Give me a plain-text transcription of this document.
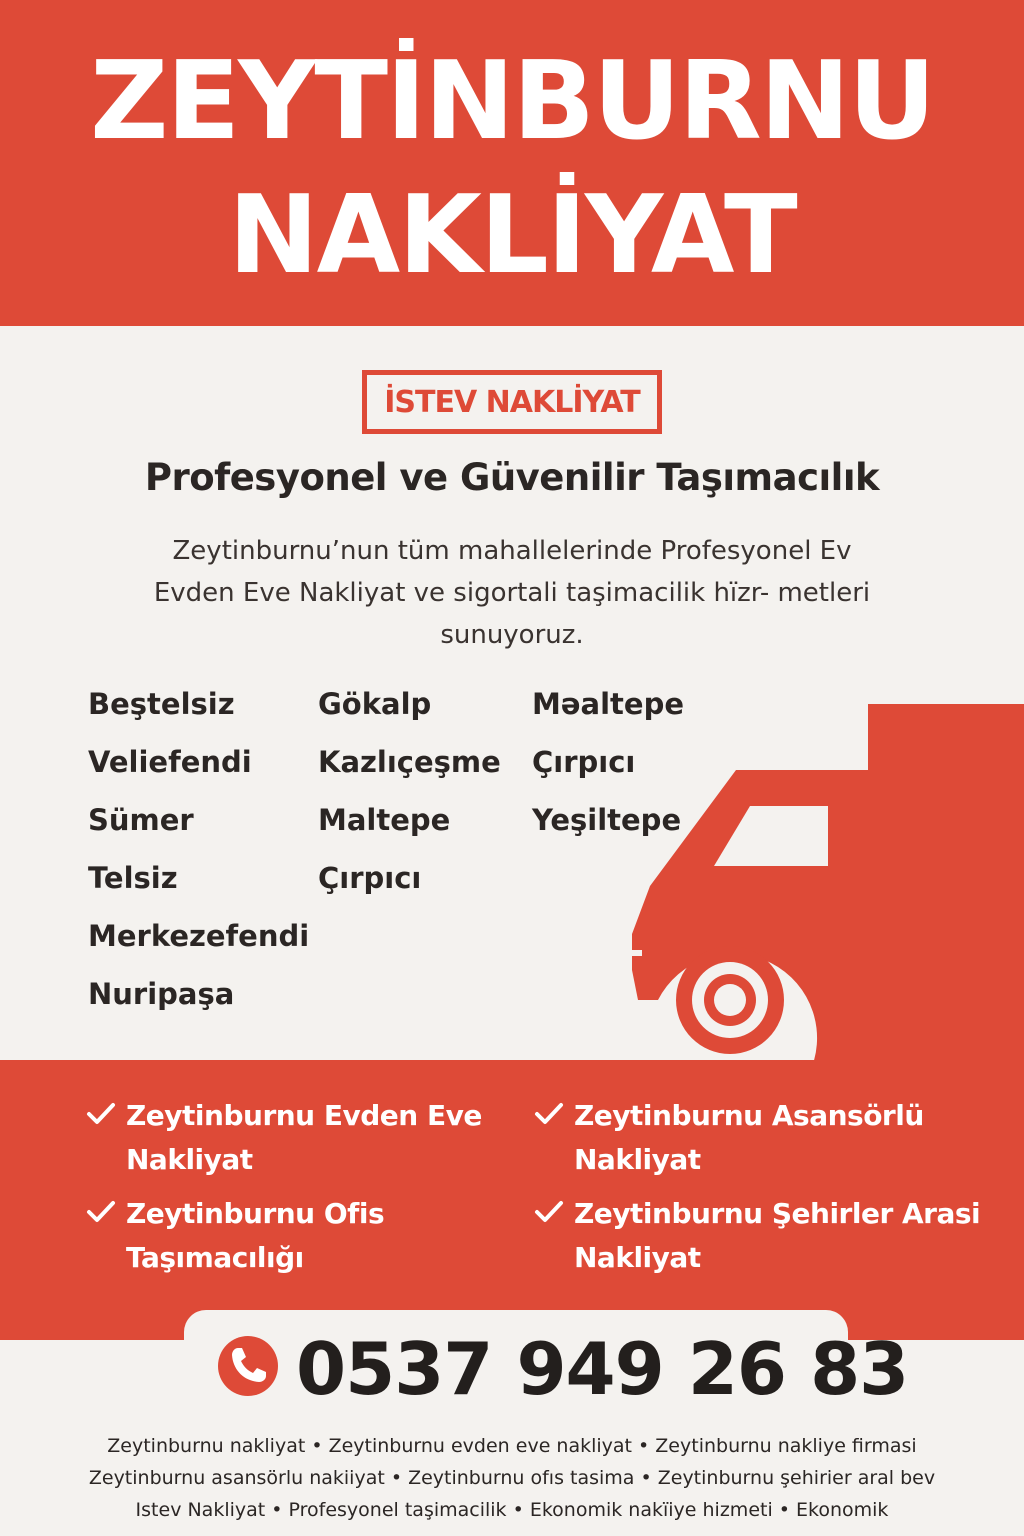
ZEYTİNBURNU
NAKLİYAT
İSTEV NAKLİYAT
Profesyonel ve Güvenilir Taşımacılık
Zeytinburnu’nun tüm mahallelerinde Profesyonel Ev Evden Eve Nakliyat ve sigortali taşimacilik hïzr- metleri sunuyoruz.
Beştelsiz
Veliefendi
Sümer
Telsiz
Merkezefendi
Nuripaşa
Gökalp
Kazlıçeşme
Maltepe
Çırpıcı
Mǝaltepe
Çırpıcı
Yeşiltepe
Zeytinburnu Evden Eve Nakliyat
Zeytinburnu Asansörlü Nakliyat
Zeytinburnu Ofis Taşımacılığı
Zeytinburnu Şehirler Arasi Nakliyat
0537 949 26 83
Zeytinburnu nakliyat • Zeytinburnu evden eve nakliyat • Zeytinburnu nakliye firmasi
Zeytinburnu asansörlu nakiiyat • Zeytinburnu ofıs tasima • Zeytinburnu şehirier aral bev
Istev Nakliyat • Profesyonel taşimacilik • Ekonomik nakïiye hizmeti • Ekonomik
